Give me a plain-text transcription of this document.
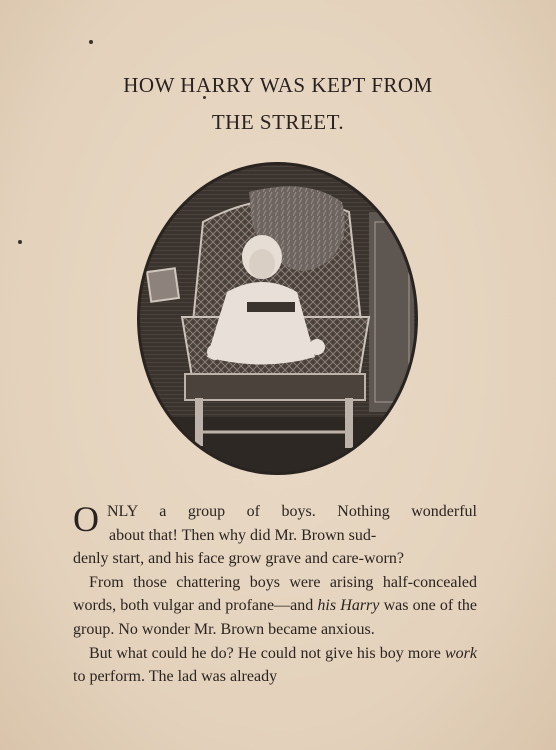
HOW HARRY WAS KEPT FROM
THE STREET.

O NLY a group of boys. Nothing wonderful
about that! Then why did Mr. Brown sud-
denly start, and his face grow grave and care-worn?

From those chattering boys were arising half-concealed words, both vulgar and profane—and his Harry was one of the group. No wonder Mr. Brown became anxious.

But what could he do? He could not give his boy more work to perform. The lad was already
